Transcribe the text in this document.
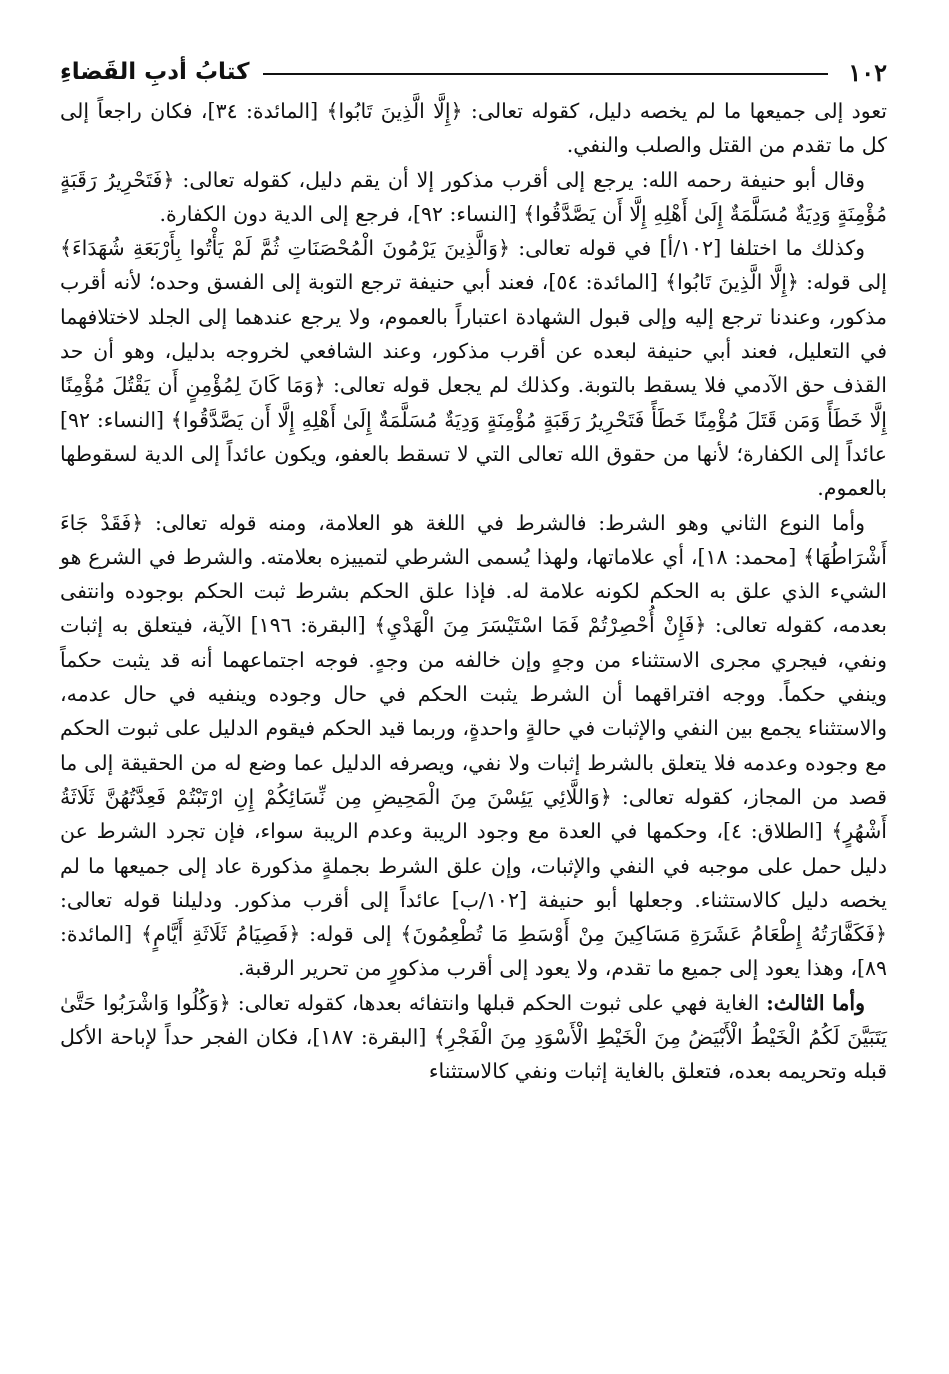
١٠٢
كتابُ أدبِ القَضاءِ

تعود إلى جميعها ما لم يخصه دليل، كقوله تعالى: ﴿إِلَّا الَّذِينَ تَابُوا﴾ [المائدة: ٣٤]، فكان راجعاً إلى كل ما تقدم من القتل والصلب والنفي.

وقال أبو حنيفة رحمه الله: يرجع إلى أقرب مذكور إلا أن يقم دليل، كقوله تعالى: ﴿فَتَحْرِيرُ رَقَبَةٍ مُؤْمِنَةٍ وَدِيَةٌ مُسَلَّمَةٌ إِلَىٰ أَهْلِهِ إِلَّا أَن يَصَّدَّقُوا﴾ [النساء: ٩٢]، فرجع إلى الدية دون الكفارة.

وكذلك ما اختلفا [١٠٢/أ] في قوله تعالى: ﴿وَالَّذِينَ يَرْمُونَ الْمُحْصَنَاتِ ثُمَّ لَمْ يَأْتُوا بِأَرْبَعَةِ شُهَدَاءَ﴾ إلى قوله: ﴿إِلَّا الَّذِينَ تَابُوا﴾ [المائدة: ٥٤]، فعند أبي حنيفة ترجع التوبة إلى الفسق وحده؛ لأنه أقرب مذكور، وعندنا ترجع إليه وإلى قبول الشهادة اعتباراً بالعموم، ولا يرجع عندهما إلى الجلد لاختلافهما في التعليل، فعند أبي حنيفة لبعده عن أقرب مذكور، وعند الشافعي لخروجه بدليل، وهو أن حد القذف حق الآدمي فلا يسقط بالتوبة. وكذلك لم يجعل قوله تعالى: ﴿وَمَا كَانَ لِمُؤْمِنٍ أَن يَقْتُلَ مُؤْمِنًا إِلَّا خَطَأً وَمَن قَتَلَ مُؤْمِنًا خَطَأً فَتَحْرِيرُ رَقَبَةٍ مُؤْمِنَةٍ وَدِيَةٌ مُسَلَّمَةٌ إِلَىٰ أَهْلِهِ إِلَّا أَن يَصَّدَّقُوا﴾ [النساء: ٩٢] عائداً إلى الكفارة؛ لأنها من حقوق الله تعالى التي لا تسقط بالعفو، ويكون عائداً إلى الدية لسقوطها بالعموم.

وأما النوع الثاني وهو الشرط: فالشرط في اللغة هو العلامة، ومنه قوله تعالى: ﴿فَقَدْ جَاءَ أَشْرَاطُهَا﴾ [محمد: ١٨]، أي علاماتها، ولهذا يُسمى الشرطي لتمييزه بعلامته. والشرط في الشرع هو الشيء الذي علق به الحكم لكونه علامة له. فإذا علق الحكم بشرط ثبت الحكم بوجوده وانتفى بعدمه، كقوله تعالى: ﴿فَإِنْ أُحْصِرْتُمْ فَمَا اسْتَيْسَرَ مِنَ الْهَدْيِ﴾ [البقرة: ١٩٦] الآية، فيتعلق به إثبات ونفي، فيجري مجرى الاستثناء من وجهٍ وإن خالفه من وجهٍ. فوجه اجتماعهما أنه قد يثبت حكماً وينفي حكماً. ووجه افتراقهما أن الشرط يثبت الحكم في حال وجوده وينفيه في حال عدمه، والاستثناء يجمع بين النفي والإثبات في حالةٍ واحدةٍ، وربما قيد الحكم فيقوم الدليل على ثبوت الحكم مع وجوده وعدمه فلا يتعلق بالشرط إثبات ولا نفي، ويصرفه الدليل عما وضع له من الحقيقة إلى ما قصد من المجاز، كقوله تعالى: ﴿وَاللَّائِي يَئِسْنَ مِنَ الْمَحِيضِ مِن نِّسَائِكُمْ إِنِ ارْتَبْتُمْ فَعِدَّتُهُنَّ ثَلَاثَةُ أَشْهُرٍ﴾ [الطلاق: ٤]، وحكمها في العدة مع وجود الريبة وعدم الريبة سواء، فإن تجرد الشرط عن دليل حمل على موجبه في النفي والإثبات، وإن علق الشرط بجملةٍ مذكورة عاد إلى جميعها ما لم يخصه دليل كالاستثناء. وجعلها أبو حنيفة [١٠٢/ب] عائداً إلى أقرب مذكور. ودليلنا قوله تعالى: ﴿فَكَفَّارَتُهُ إِطْعَامُ عَشَرَةِ مَسَاكِينَ مِنْ أَوْسَطِ مَا تُطْعِمُونَ﴾ إلى قوله: ﴿فَصِيَامُ ثَلَاثَةِ أَيَّامٍ﴾ [المائدة: ٨٩]، وهذا يعود إلى جميع ما تقدم، ولا يعود إلى أقرب مذكورٍ من تحرير الرقبة.

وأما الثالث: الغاية فهي على ثبوت الحكم قبلها وانتفائه بعدها، كقوله تعالى: ﴿وَكُلُوا وَاشْرَبُوا حَتَّىٰ يَتَبَيَّنَ لَكُمُ الْخَيْطُ الْأَبْيَضُ مِنَ الْخَيْطِ الْأَسْوَدِ مِنَ الْفَجْرِ﴾ [البقرة: ١٨٧]، فكان الفجر حداً لإباحة الأكل قبله وتحريمه بعده، فتعلق بالغاية إثبات ونفي كالاستثناء
